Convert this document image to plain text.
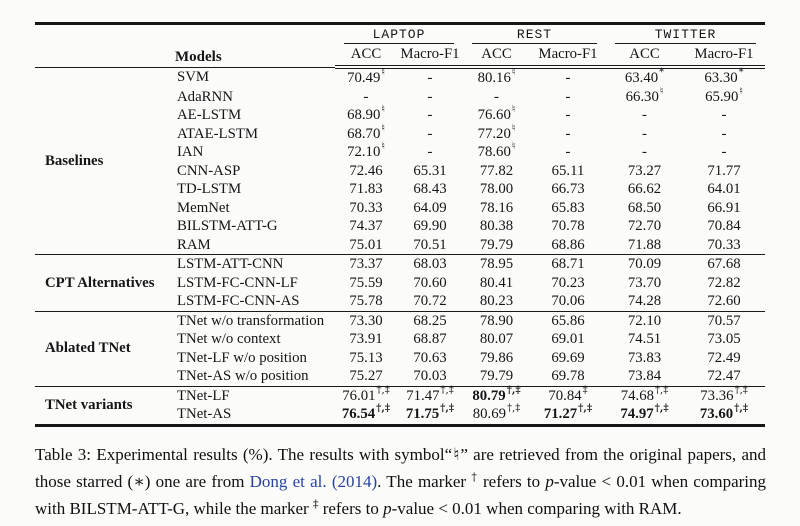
	Models	LAPTOP		REST		TWITTER	

		ACC	Macro-F1	ACC	Macro-F1	ACC	Macro-F1
Baselines	SVM	70.49♮	-	80.16♮	-	63.40*	63.30*
	AdaRNN	-	-	-	-	66.30♮	65.90♮
	AE-LSTM	68.90♮	-	76.60♮	-	-	-
	ATAE-LSTM	68.70♮	-	77.20♮	-	-	-
	IAN	72.10♮	-	78.60♮	-	-	-
	CNN-ASP	72.46	65.31	77.82	65.11	73.27	71.77
	TD-LSTM	71.83	68.43	78.00	66.73	66.62	64.01
	MemNet	70.33	64.09	78.16	65.83	68.50	66.91
	BILSTM-ATT-G	74.37	69.90	80.38	70.78	72.70	70.84
	RAM	75.01	70.51	79.79	68.86	71.88	70.33
CPT Alternatives	LSTM-ATT-CNN	73.37	68.03	78.95	68.71	70.09	67.68
	LSTM-FC-CNN-LF	75.59	70.60	80.41	70.23	73.70	72.82
	LSTM-FC-CNN-AS	75.78	70.72	80.23	70.06	74.28	72.60
Ablated TNet	TNet w/o transformation	73.30	68.25	78.90	65.86	72.10	70.57
	TNet w/o context	73.91	68.87	80.07	69.01	74.51	73.05
	TNet-LF w/o position	75.13	70.63	79.86	69.69	73.83	72.49
	TNet-AS w/o position	75.27	70.03	79.79	69.78	73.84	72.47
TNet variants	TNet-LF	76.01†,‡	71.47†,‡	80.79†,‡	70.84‡	74.68†,‡	73.36†,‡
	TNet-AS	76.54†,‡	71.75†,‡	80.69†,‡	71.27†,‡	74.97†,‡	73.60†,‡

Table 3: Experimental results (%). The results with symbol“♮” are retrieved from the original papers, and those starred (∗) one are from Dong et al. (2014). The marker † refers to p-value < 0.01 when comparing with BILSTM-ATT-G, while the marker ‡ refers to p-value < 0.01 when comparing with RAM.
